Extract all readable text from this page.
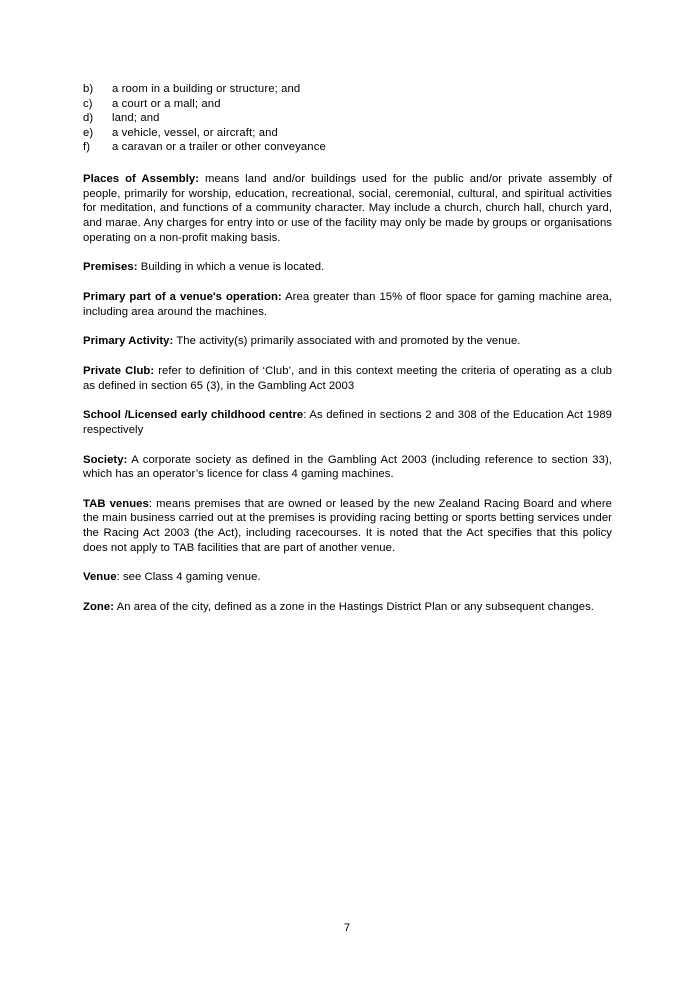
b)	a room in a building or structure; and
c)	a court or a mall; and
d)	land; and
e)	a vehicle, vessel, or aircraft; and
f)	a caravan or a trailer or other conveyance

Places of Assembly: means land and/or buildings used for the public and/or private assembly of people, primarily for worship, education, recreational, social, ceremonial, cultural, and spiritual activities for meditation, and functions of a community character. May include a church, church hall, church yard, and marae. Any charges for entry into or use of the facility may only be made by groups or organisations operating on a non-profit making basis.

Premises: Building in which a venue is located.

Primary part of a venue's operation: Area greater than 15% of floor space for gaming machine area, including area around the machines.

Primary Activity: The activity(s) primarily associated with and promoted by the venue.

Private Club: refer to definition of ‘Club’, and in this context meeting the criteria of operating as a club as defined in section 65 (3), in the Gambling Act 2003

School /Licensed early childhood centre: As defined in sections 2 and 308 of the Education Act 1989 respectively

Society: A corporate society as defined in the Gambling Act 2003 (including reference to section 33), which has an operator’s licence for class 4 gaming machines.

TAB venues: means premises that are owned or leased by the new Zealand Racing Board and where the main business carried out at the premises is providing racing betting or sports betting services under the Racing Act 2003 (the Act), including racecourses. It is noted that the Act specifies that this policy does not apply to TAB facilities that are part of another venue.

Venue: see Class 4 gaming venue.

Zone: An area of the city, defined as a zone in the Hastings District Plan or any subsequent changes.

7
